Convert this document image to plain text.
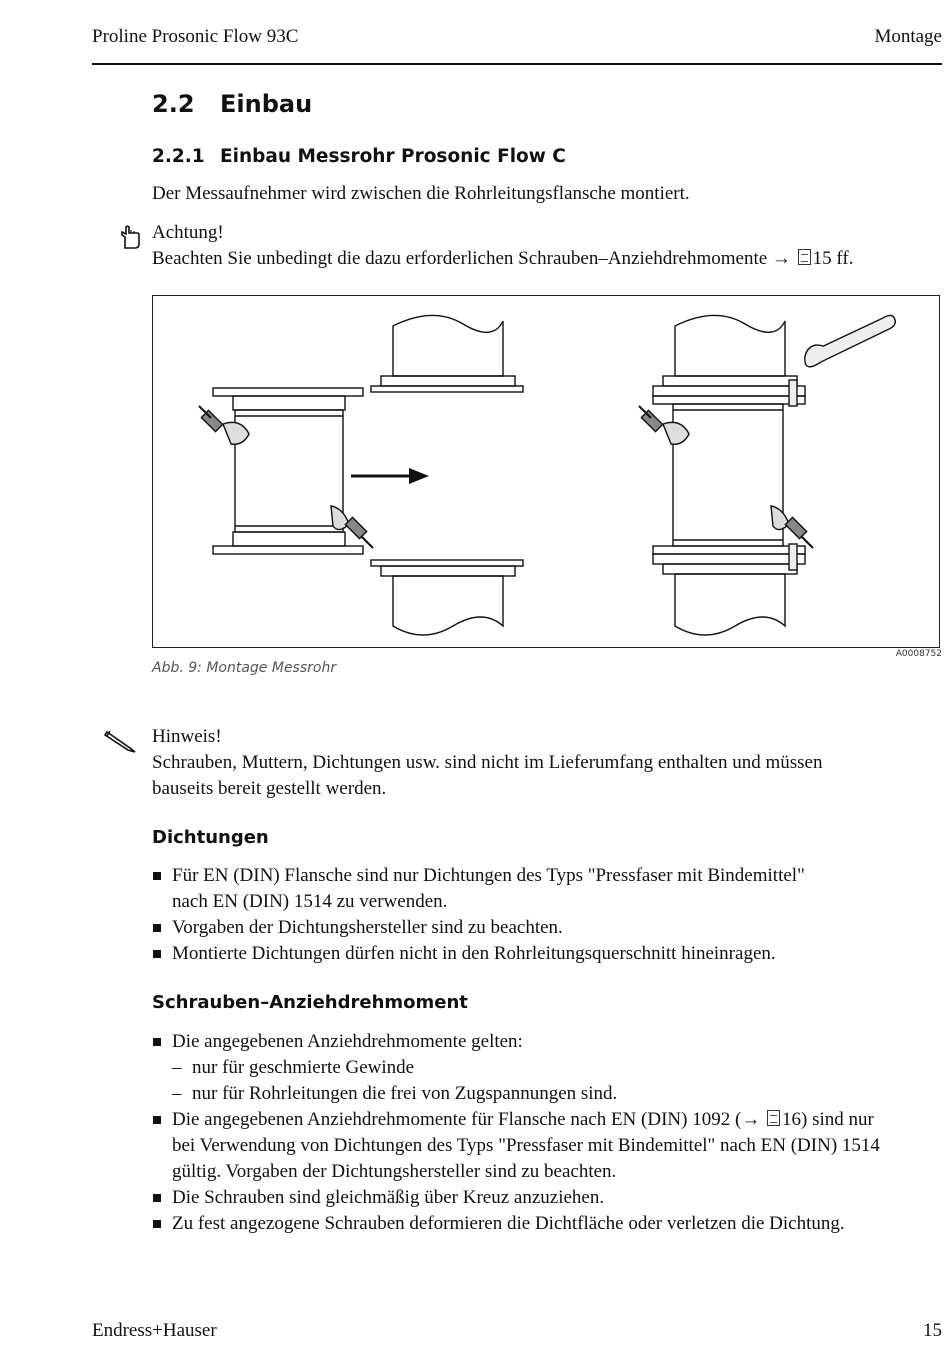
Proline Prosonic Flow 93C	Montage
2.2 Einbau
2.2.1 Einbau Messrohr Prosonic Flow C
Der Messaufnehmer wird zwischen die Rohrleitungsflansche montiert.
Achtung!
Beachten Sie unbedingt die dazu erforderlichen Schrauben–Anziehdrehmomente → 15 ff.
A0008752
Abb. 9: Montage Messrohr
Hinweis!
Schrauben, Muttern, Dichtungen usw. sind nicht im Lieferumfang enthalten und müssen
bauseits bereit gestellt werden.
Dichtungen
Für EN (DIN) Flansche sind nur Dichtungen des Typs "Pressfaser mit Bindemittel"
nach EN (DIN) 1514 zu verwenden.
Vorgaben der Dichtungshersteller sind zu beachten.
Montierte Dichtungen dürfen nicht in den Rohrleitungsquerschnitt hineinragen.
Schrauben–Anziehdrehmoment
Die angegebenen Anziehdrehmomente gelten:
– nur für geschmierte Gewinde
– nur für Rohrleitungen die frei von Zugspannungen sind.
Die angegebenen Anziehdrehmomente für Flansche nach EN (DIN) 1092 (→ 16) sind nur
bei Verwendung von Dichtungen des Typs "Pressfaser mit Bindemittel" nach EN (DIN) 1514
gültig. Vorgaben der Dichtungshersteller sind zu beachten.
Die Schrauben sind gleichmäßig über Kreuz anzuziehen.
Zu fest angezogene Schrauben deformieren die Dichtfläche oder verletzen die Dichtung.
Endress+Hauser	15
